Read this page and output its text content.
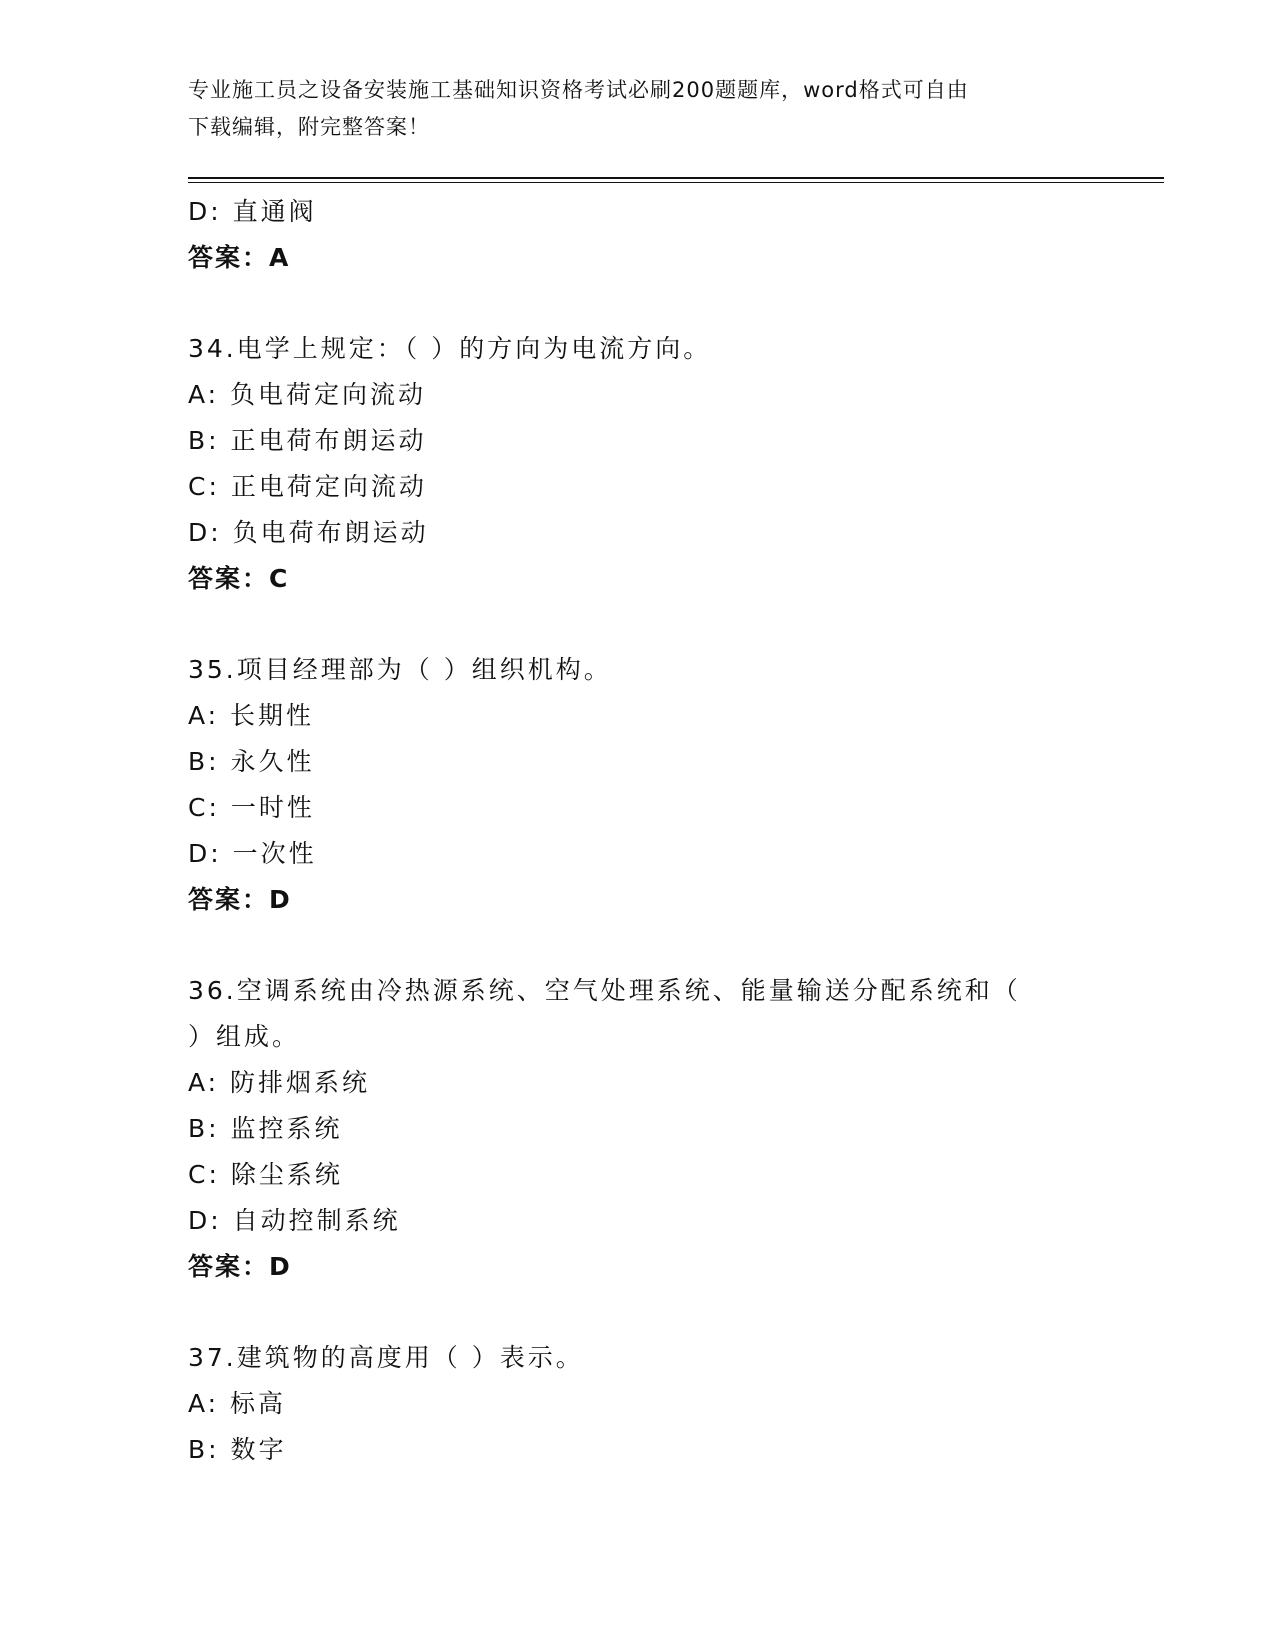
专业施工员之设备安装施工基础知识资格考试必刷200题题库，word格式可自由
下载编辑，附完整答案！
D: 直通阀
答案：A
34.电学上规定：（ ）的方向为电流方向。
A: 负电荷定向流动
B: 正电荷布朗运动
C: 正电荷定向流动
D: 负电荷布朗运动
答案：C
35.项目经理部为（ ）组织机构。
A: 长期性
B: 永久性
C: 一时性
D: 一次性
答案：D
36.空调系统由冷热源系统、空气处理系统、能量输送分配系统和（
）组成。
A: 防排烟系统
B: 监控系统
C: 除尘系统
D: 自动控制系统
答案：D
37.建筑物的高度用（ ）表示。
A: 标高
B: 数字
